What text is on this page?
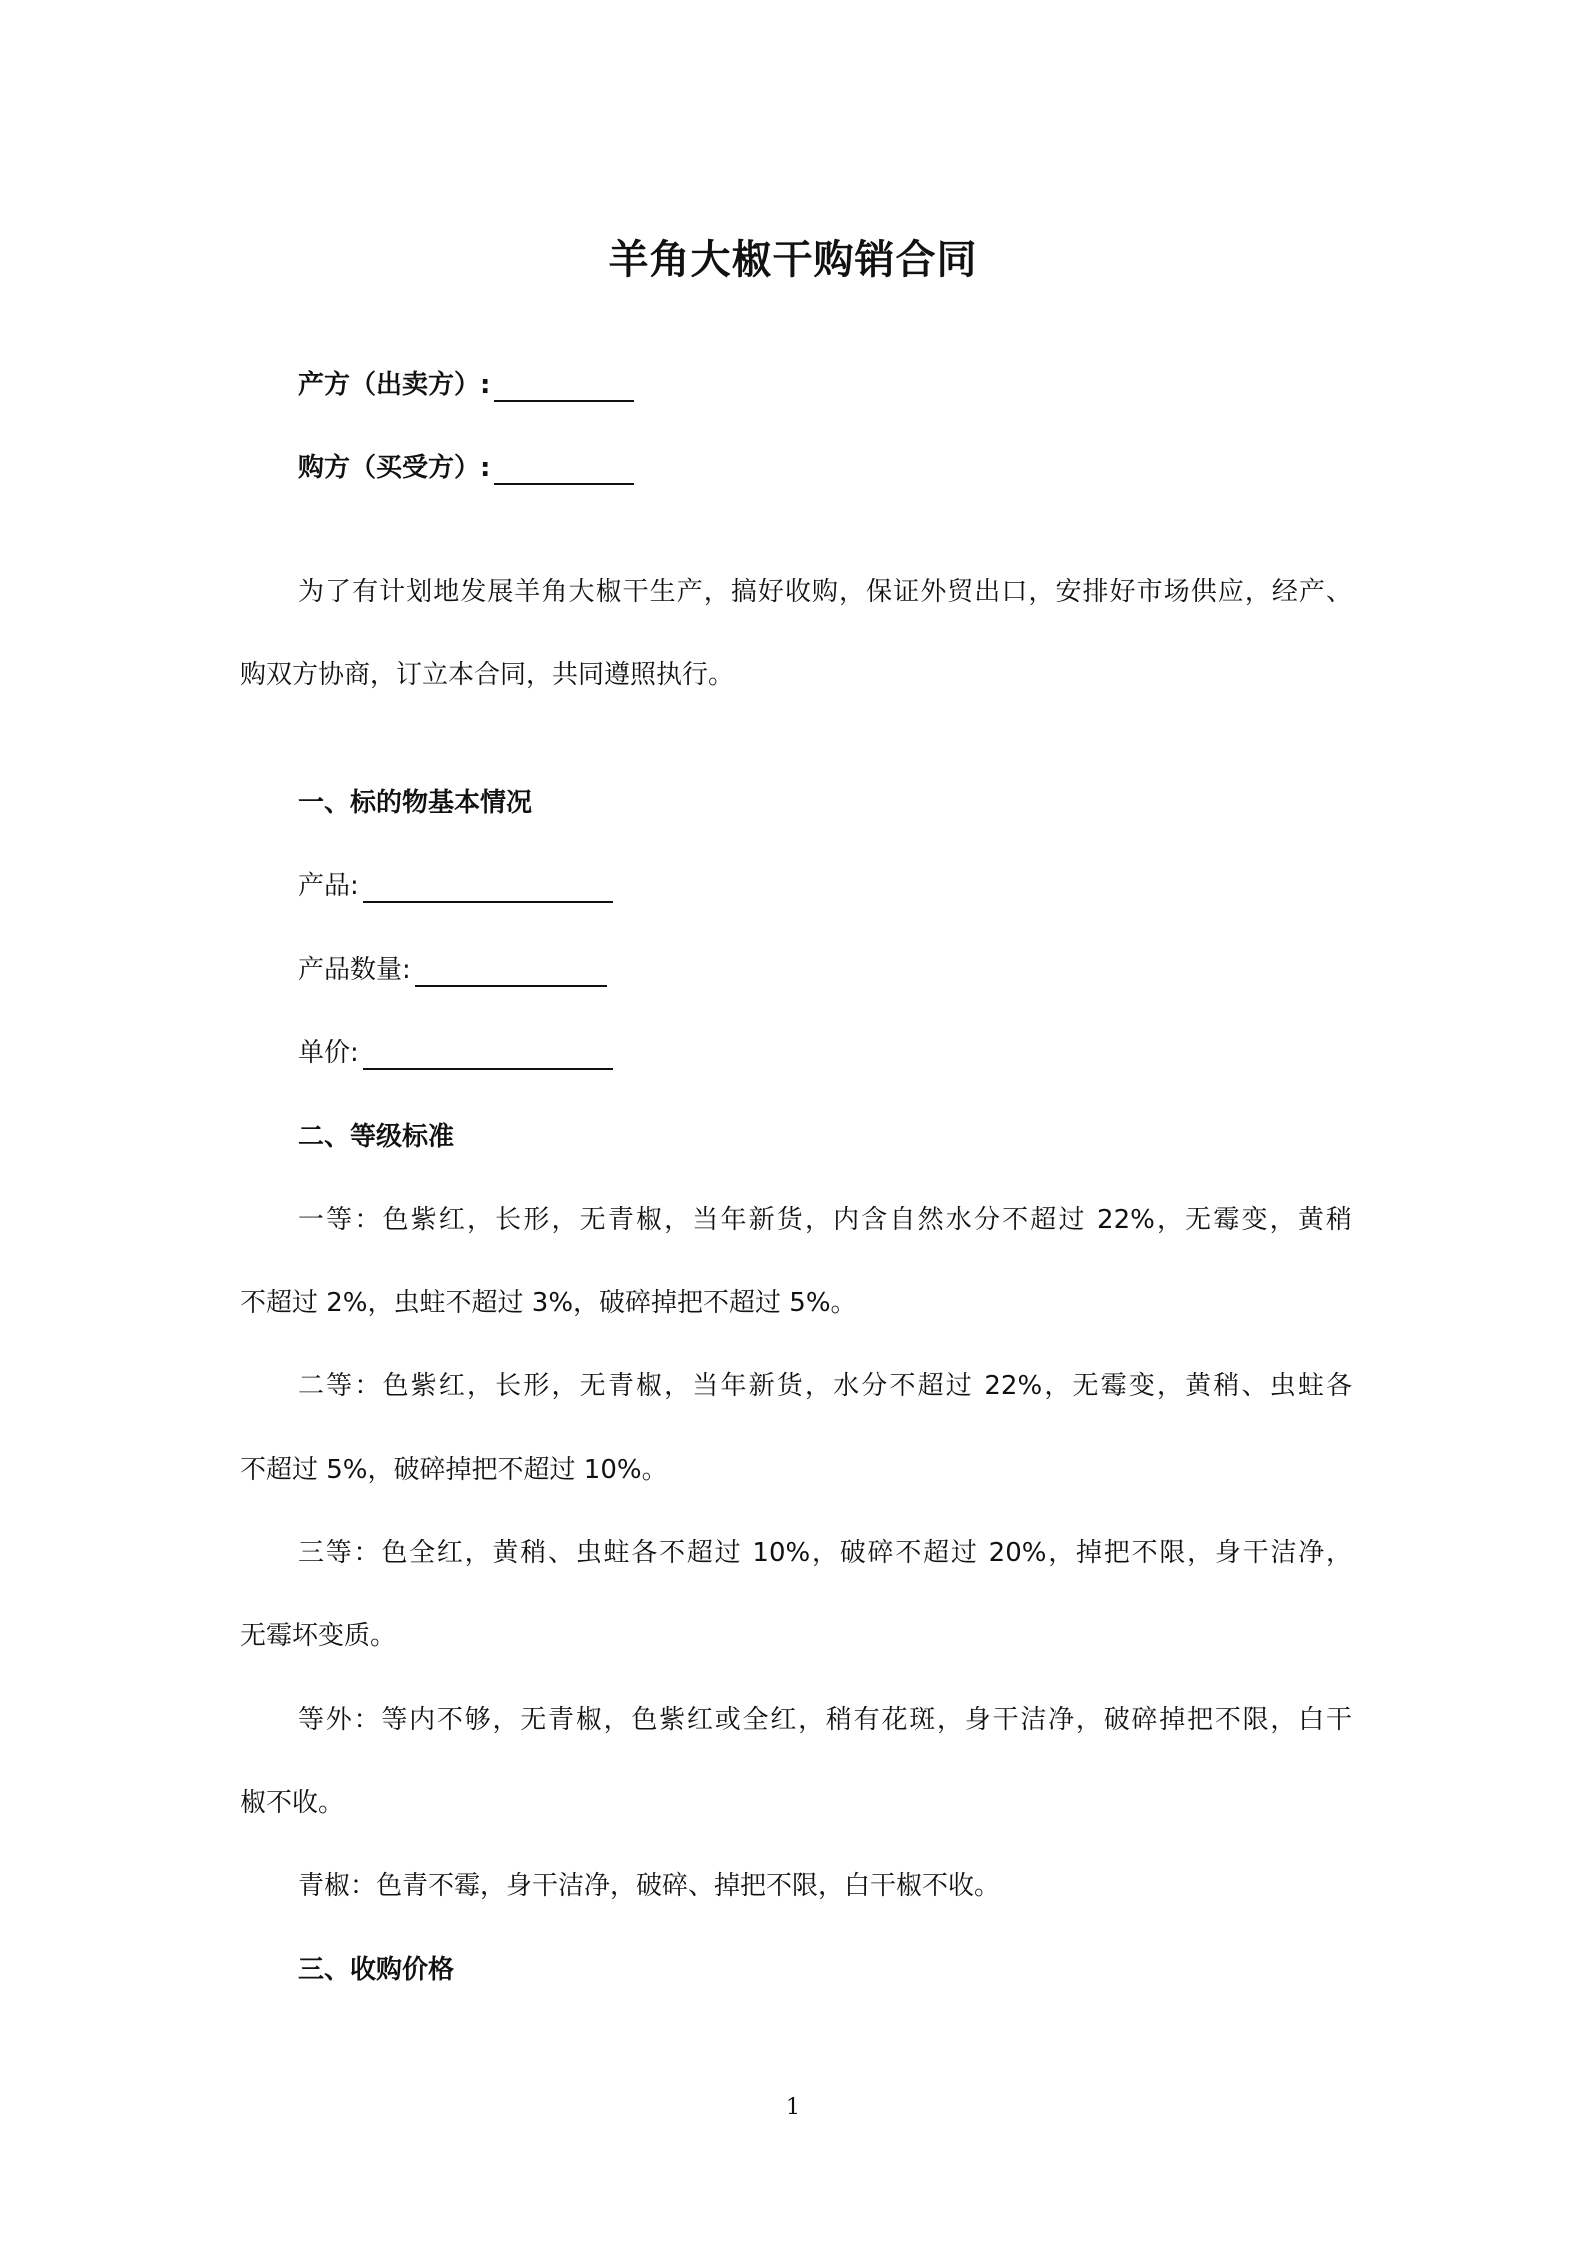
羊角大椒干购销合同
产方（出卖方）:
购方（买受方）:
为了有计划地发展羊角大椒干生产，搞好收购，保证外贸出口，安排好市场供应，经产、
购双方协商，订立本合同，共同遵照执行。
一、标的物基本情况
产品:
产品数量:
单价:
二、等级标准
一等：色紫红，长形，无青椒，当年新货，内含自然水分不超过 22%，无霉变，黄稍
不超过 2%，虫蛀不超过 3%，破碎掉把不超过 5%。
二等：色紫红，长形，无青椒，当年新货，水分不超过 22%，无霉变，黄稍、虫蛀各
不超过 5%，破碎掉把不超过 10%。
三等：色全红，黄稍、虫蛀各不超过 10%，破碎不超过 20%，掉把不限，身干洁净，
无霉坏变质。
等外：等内不够，无青椒，色紫红或全红，稍有花斑，身干洁净，破碎掉把不限，白干
椒不收。
青椒：色青不霉，身干洁净，破碎、掉把不限，白干椒不收。
三、收购价格
1
